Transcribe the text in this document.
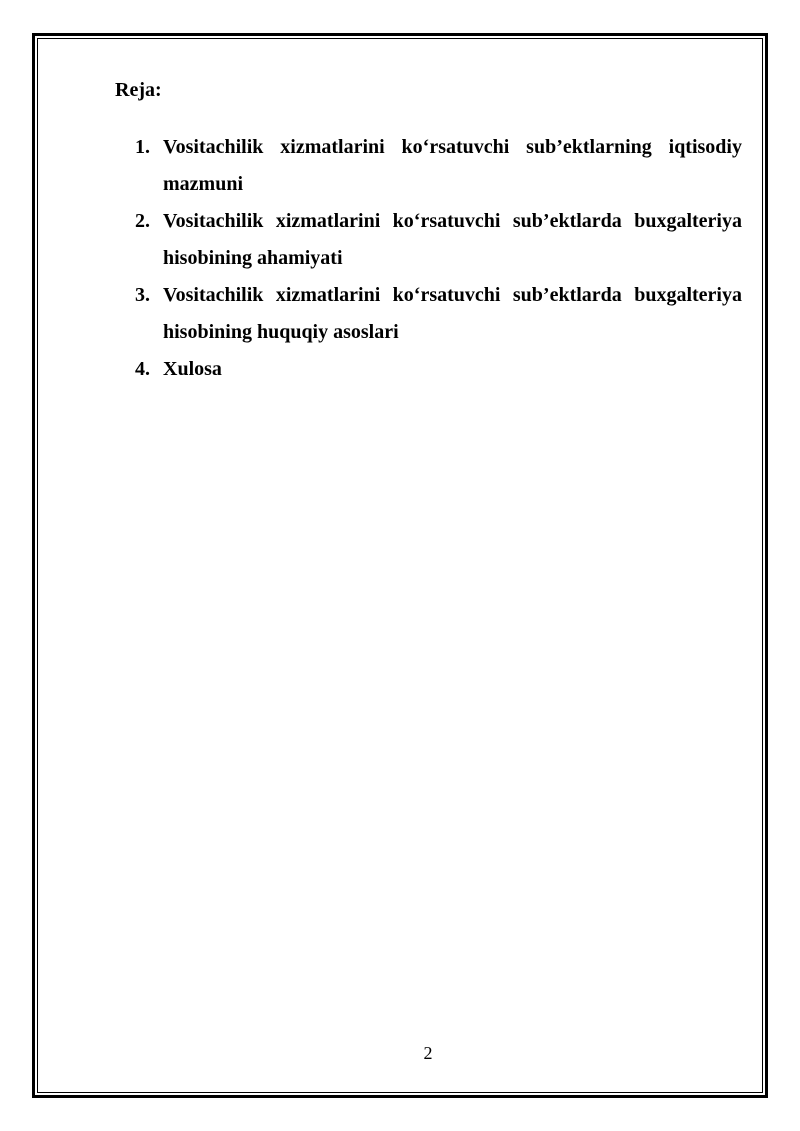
Reja:
1. Vositachilik xizmatlarini ko‘rsatuvchi sub’ektlarning iqtisodiy mazmuni
2. Vositachilik xizmatlarini ko‘rsatuvchi sub’ektlarda buxgalteriya hisobining ahamiyati
3. Vositachilik xizmatlarini ko‘rsatuvchi sub’ektlarda buxgalteriya hisobining huquqiy asoslari
4. Xulosa
2
